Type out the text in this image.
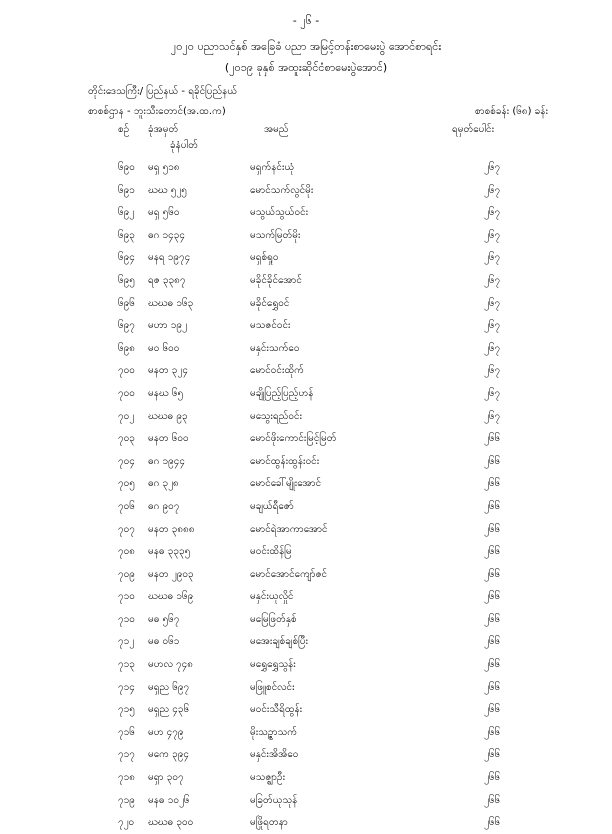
- ၂၆ -
၂၀၂၀ ပညာသင်နှစ် အခြေခံ ပညာ အမြင့်တန်းစာမေးပွဲ အောင်စာရင်း
(၂၀၁၉ ခုနှစ် အထူးဆိုင်ငံစာမေးပွဲအောင်)
တိုင်းဒေသကြီး/ ပြည်နယ် - ရခိုင်ပြည်နယ်
စာစစ်ဌာန - ဘူးသီးတောင်(အ.ထ.က)	စာစစ်ခန်း (၆၈) ခန်း
စဉ် ခုံအမှတ်
ခုံနံပါတ်
အမည်	ရမှတ်ပေါင်း
၆၉၀ မရှ ၅၁၈	မရှက်နင်းယုံ	၂၆၇
၆၉၁ ဃဃ ၅၂၅	မောင်သက်လွင်မိုး	၂၆၇
၆၉၂ မရှ ၅၆၀	မသွယ်သွယ်ဝင်း	၂၆၇
၆၉၃ ဓဂ ၁၄၃၄	မသက်မြတ်မိုး	၂၆၇
၆၉၄ မနရ ၁၉၇၄	မရှစ်ရှုဝ	၂၆၇
၆၉၅ ရဇ ၃၃၈၇	မခိုင်ခိုင်အောင်	၂၆၇
၆၉၆ ဃဃဓ ၁၆၃	မခိုင်ရွှေဝင်	၂၆၇
၆၉၇ မဟာ ၁၉၂	မသဇင်ဝင်း	၂၆၇
၆၉၈ မဝ ၆၀၀	မနှင်းသက်ဝေ	၂၆၇
၇၀၀ မနတ ၃၂၄	မောင်ဝင်းထိုက်	၂၆၇
၇၀၀ မနဃ ၆၅	မချိုပြည့်ပြည့်ဟန်	၂၆၇
၇၀၂ ဃဃဓ ၉၃	မသွေးရည်ဝင်း	၂၆၇
၇၀၃ မနတ ၆၀၀	မောင်ဖိုးကောင်းမြင့်မြတ်	၂၆၆
၇၀၄ ဓဂ ၁၉၄၄	မောင်ထွန်းထွန်းဝင်း	၂၆၆
၇၀၅ ဓဂ ၃၂၈	မောင်ခေါ်မျိုးအောင်	၂၆၆
၇၀၆ ဓဂ ၉၀၇	မချယ်ရီဇော်	၂၆၆
၇၀၇ မနတ ၃၈၈၈	မောင်ရဲအာကာအောင်	၂၆၆
၇၀၈ မနဓ ၃၃၃၅	မဝင်းထိန်မြ	၂၆၆
၇၀၉ မနတ ၂၉၀၃	မောင်အောင်ကျော်ဇင်	၂၆၆
၇၁၀ ဃဃဓ ၁၆၉	မနှင်းယုလှိုင်	၂၆၆
၇၁၀ မဓ ၅၆၇	မမြေဖြတ်နှစ်	၂၆၆
၇၁၂ မဓ ၀၆၁	မအေးချစ်ချစ်ပြီး	၂၆၆
၇၁၃ မဟလ ၇၄၈	မရွှေရွှေသွန်း	၂၆၆
၇၁၄ မရှည ၆၉၇	မဖြူစင်လင်း	၂၆၆
၇၁၅ မရှည ၄၃၆	မဝင်းသီရိထွန်း	၂၆၆
၇၁၆ မဟ ၄၇၉	မိုးသဉ္ဇာသက်	၂၆၆
၇၁၇ မကေ ၃၉၄	မနှင်းအိအိဝေ	၂၆၆
၇၁၈ မရှာ ၃၀၇	မသဇ္ဈာဦး	၂၆၆
၇၁၉ မနဓ ၁၀၂၆	မခြတ်ယုသုန်	၂၆၆
၇၂၀ ဃဃဓ ၃၀၀	မဖြိုရတနာ	၂၆၆
